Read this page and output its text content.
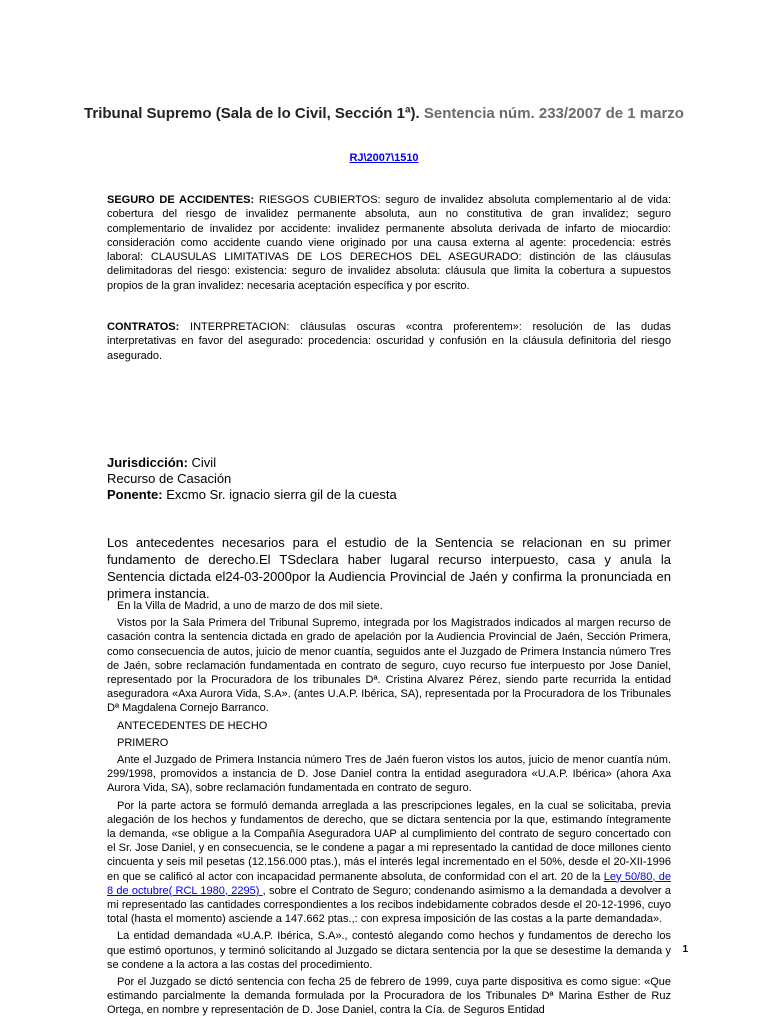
Tribunal Supremo (Sala de lo Civil, Sección 1ª). Sentencia núm. 233/2007 de 1 marzo
RJ\2007\1510
SEGURO DE ACCIDENTES: RIESGOS CUBIERTOS: seguro de invalidez absoluta complementario al de vida: cobertura del riesgo de invalidez permanente absoluta, aun no constitutiva de gran invalidez; seguro complementario de invalidez por accidente: invalidez permanente absoluta derivada de infarto de miocardio: consideración como accidente cuando viene originado por una causa externa al agente: procedencia: estrés laboral: CLAUSULAS LIMITATIVAS DE LOS DERECHOS DEL ASEGURADO: distinción de las cláusulas delimitadoras del riesgo: existencia: seguro de invalidez absoluta: cláusula que limita la cobertura a supuestos propios de la gran invalidez: necesaria aceptación específica y por escrito.
CONTRATOS: INTERPRETACION: cláusulas oscuras «contra proferentem»: resolución de las dudas interpretativas en favor del asegurado: procedencia: oscuridad y confusión en la cláusula definitoria del riesgo asegurado.
Jurisdicción: Civil
Recurso de Casación
Ponente: Excmo Sr. ignacio sierra gil de la cuesta
Los antecedentes necesarios para el estudio de la Sentencia se relacionan en su primer fundamento de derecho.El TSdeclara haber lugaral recurso interpuesto, casa y anula la Sentencia dictada el24-03-2000por la Audiencia Provincial de Jaén y confirma la pronunciada en primera instancia.

En la Villa de Madrid, a uno de marzo de dos mil siete.

Vistos por la Sala Primera del Tribunal Supremo, integrada por los Magistrados indicados al margen recurso de casación contra la sentencia dictada en grado de apelación por la Audiencia Provincial de Jaén, Sección Primera, como consecuencia de autos, juicio de menor cuantía, seguidos ante el Juzgado de Primera Instancia número Tres de Jaén, sobre reclamación fundamentada en contrato de seguro, cuyo recurso fue interpuesto por Jose Daniel, representado por la Procuradora de los tribunales Dª. Cristina Alvarez Pérez, siendo parte recurrida la entidad aseguradora «Axa Aurora Vida, S.A». (antes U.A.P. Ibérica, SA), representada por la Procuradora de los Tribunales Dª Magdalena Cornejo Barranco.

ANTECEDENTES DE HECHO

PRIMERO

Ante el Juzgado de Primera Instancia número Tres de Jaén fueron vistos los autos, juicio de menor cuantía núm. 299/1998, promovidos a instancia de D. Jose Daniel contra la entidad aseguradora «U.A.P. Ibérica» (ahora Axa Aurora Vida, SA), sobre reclamación fundamentada en contrato de seguro.

Por la parte actora se formuló demanda arreglada a las prescripciones legales, en la cual se solicitaba, previa alegación de los hechos y fundamentos de derecho, que se dictara sentencia por la que, estimando íntegramente la demanda, «se obligue a la Compañía Aseguradora UAP al cumplimiento del contrato de seguro concertado con el Sr. Jose Daniel, y en consecuencia, se le condene a pagar a mi representado la cantidad de doce millones ciento cincuenta y seis mil pesetas (12.156.000 ptas.), más el interés legal incrementado en el 50%, desde el 20-XII-1996 en que se calificó al actor con incapacidad permanente absoluta, de conformidad con el art. 20 de la Ley 50/80, de 8 de octubre( RCL 1980, 2295) , sobre el Contrato de Seguro; condenando asimismo a la demandada a devolver a mi representado las cantidades correspondientes a los recibos indebidamente cobrados desde el 20-12-1996, cuyo total (hasta el momento) asciende a 147.662 ptas.,: con expresa imposición de las costas a la parte demandada».

La entidad demandada «U.A.P. Ibérica, S.A»., contestó alegando como hechos y fundamentos de derecho los que estimó oportunos, y terminó solicitando al Juzgado se dictara sentencia por la que se desestime la demanda y se condene a la actora a las costas del procedimiento.

Por el Juzgado se dictó sentencia con fecha 25 de febrero de 1999, cuya parte dispositiva es como sigue: «Que estimando parcialmente la demanda formulada por la Procuradora de los Tribunales Dª Marina Esther de Ruz Ortega, en nombre y representación de D. Jose Daniel, contra la Cía. de Seguros Entidad

1
